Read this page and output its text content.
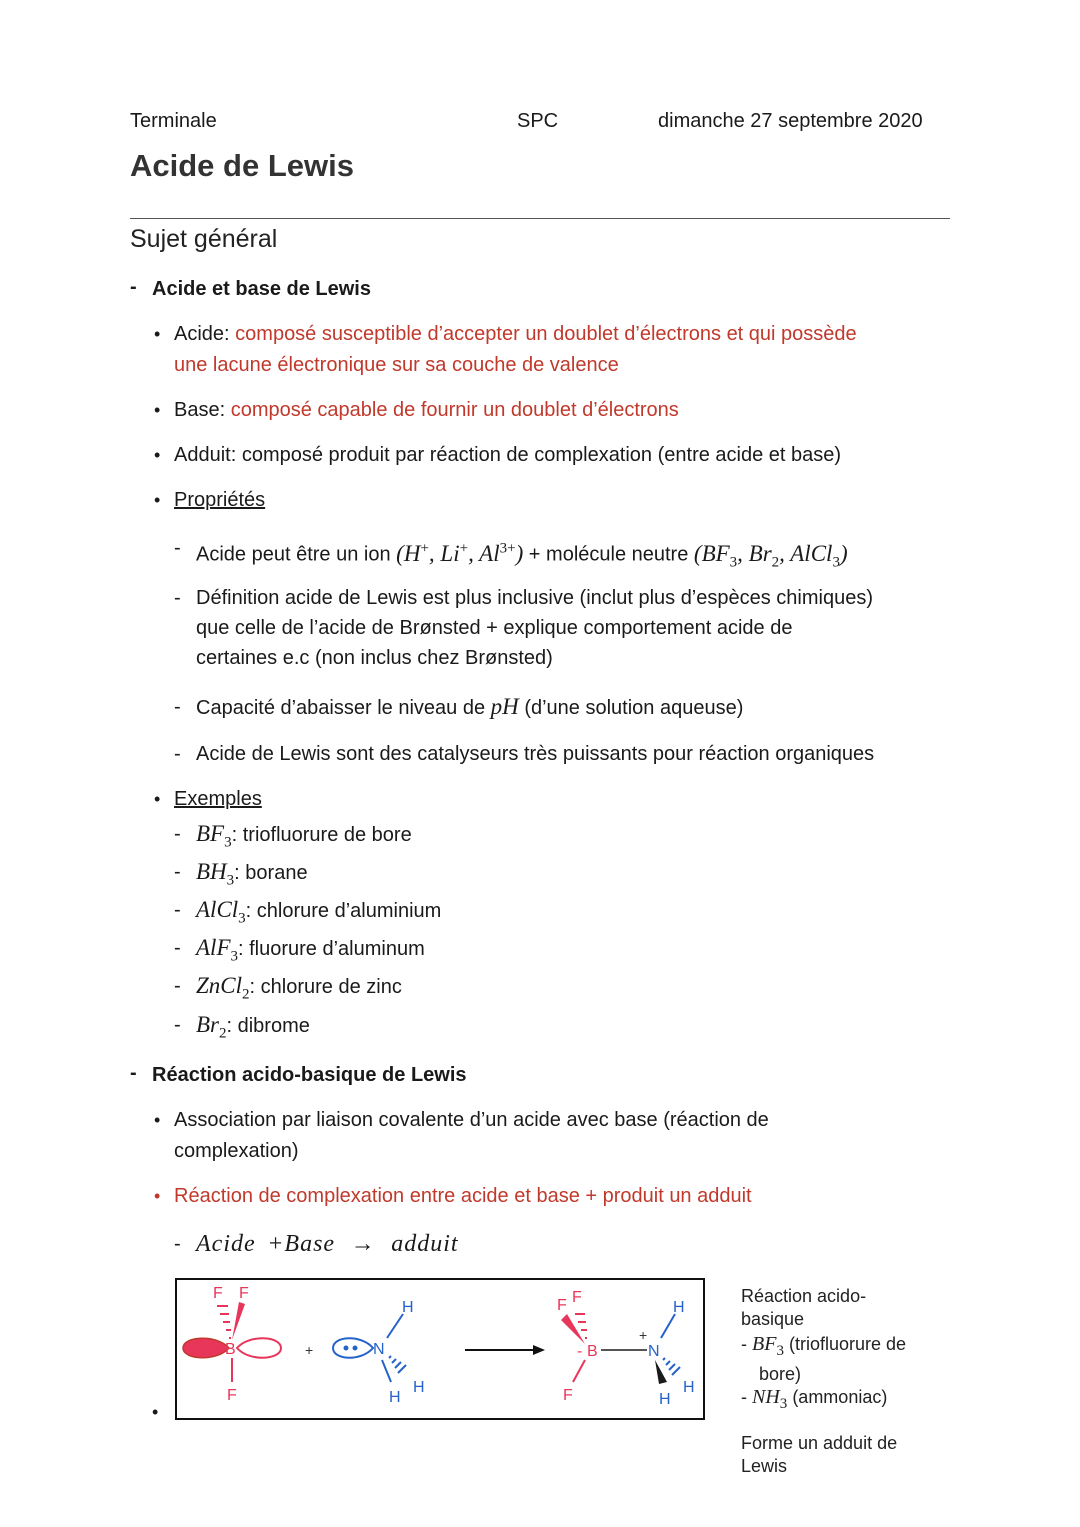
Terminale	SPC	dimanche 27 septembre 2020
Acide de Lewis
Sujet général
- Acide et base de Lewis
• Acide: composé susceptible d’accepter un doublet d’électrons et qui possède
une lacune électronique sur sa couche de valence
• Base: composé capable de fournir un doublet d’électrons
• Adduit: composé produit par réaction de complexation (entre acide et base)
• Propriétés
- Acide peut être un ion (H+, Li+, $Al^{3+}$) + molécule neutre ($BF_3$, $Br_2$, AlCl$_3$)
- Définition acide de Lewis est plus inclusive (inclut plus d’espèces chimiques)
que celle de l’acide de Brønsted + explique comportement acide de
certaines e.c (non inclus chez Brønsted)
- Capacité d’abaisser le niveau de pH (d’une solution aqueuse)
- Acide de Lewis sont des catalyseurs très puissants pour réaction organiques
• Exemples
- $BF_3$: triofluorure de bore
- $BH_3$: borane
- AlCl$_3$: chlorure d’aluminium
- AlF$_3$: fluorure d’aluminum
- ZnCl$_2$: chlorure de zinc
- $Br_2$: dibrome
- Réaction acido-basique de Lewis
• Association par liaison covalente d’un acide avec base (réaction de
complexation)
• Réaction de complexation entre acide et base + produit un adduit
- Acide +Base → adduit
•
F F
B
F
+	N
H
H
H
F F
- B
F
+
N
H
H
H
Réaction acido-
basique
- $BF_3$ (triofluorure de
bore)
- $NH_3$ (ammoniac)
Forme un adduit de
Lewis
